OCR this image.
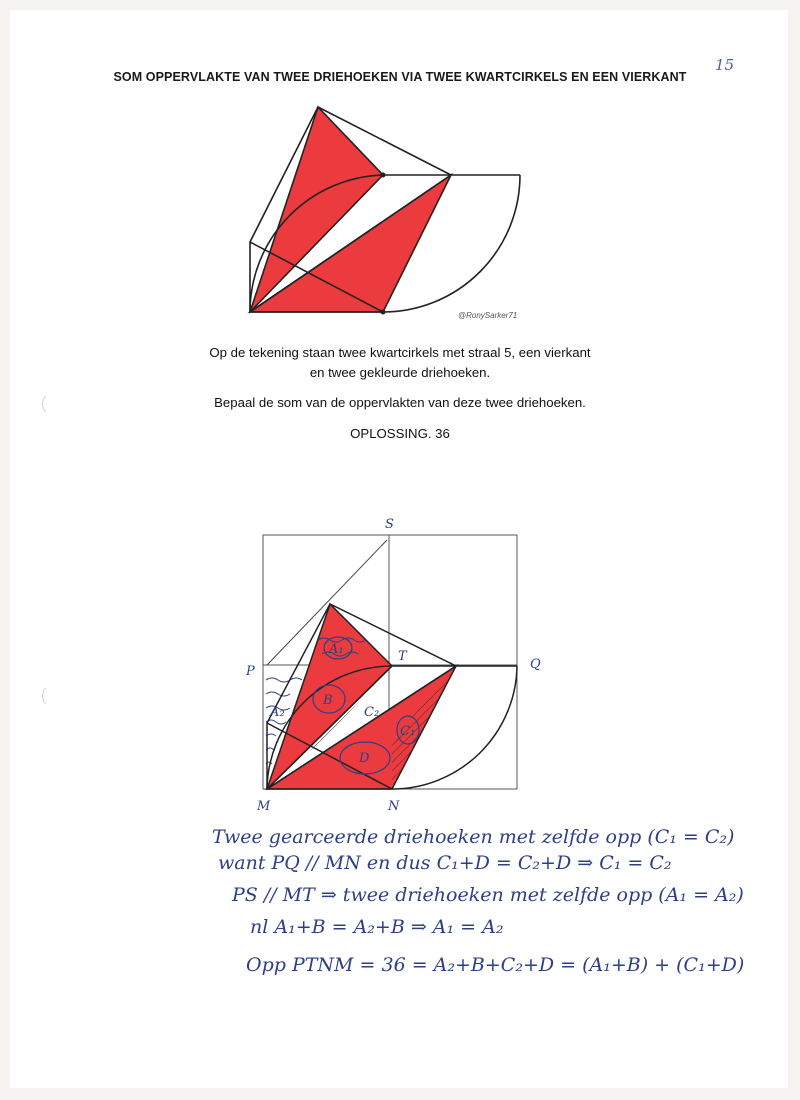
15
SOM OPPERVLAKTE VAN TWEE DRIEHOEKEN VIA TWEE KWARTCIRKELS EN EEN VIERKANT
@RonySarker71
Op de tekening staan twee kwartcirkels met straal 5, een vierkant
en twee gekleurde driehoeken.
Bepaal de som van de oppervlakten van deze twee driehoeken.
OPLOSSING. 36
S
P	Q
T
M	N
A₁
A₂
B
C₂
C₁
D
Twee gearceerde driehoeken met zelfde opp (C₁ = C₂)
want PQ // MN en dus C₁+D = C₂+D ⇒ C₁ = C₂
PS // MT ⇒ twee driehoeken met zelfde opp (A₁ = A₂)
nl A₁+B = A₂+B ⇒ A₁ = A₂
Opp PTNM = 36 = A₂+B+C₂+D = (A₁+B) + (C₁+D)
